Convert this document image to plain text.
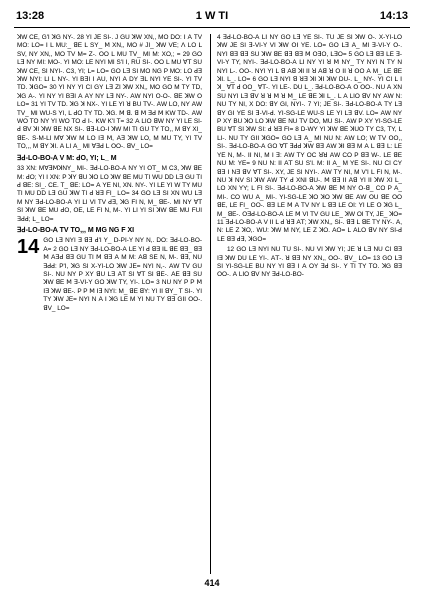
13:28	1 W TI	14:13

ꓘW CE, G'I ꓘG NY-. 28 YI JE SI-. J GU ꓘW XN,, MO DO: ꓲ ꓮ TV MO: LO= ꓲ ꓡ MU:_ ꓭE ꓡ SY_ ꓟ XN,, MO # JI_ ꓘW VE; ꓥ LO ꓡ SV, NY XN,, MO TV M= Z-. ꓳO ꓡ MU TV_ MI M: XO,; = 29 GO ꓡꓱ NY MI: MO-. YI MO: ꓡE NYI MI S'I ꓲ, RU SI-. ꓳO ꓡ MU ꓯꓔ SU ꓘW CE, SI NYI-. C3, YI; ꓡ= LO= GO ꓡꓱ SI MO NG P MO: LO ꓒꓱ ꓘW NYI: ꓡI ꓡ NY-. YI BꓱI ꓲ ꓮU, NYI ꓮ DY ꓱꓡ NYI YE SI-. YI TV TD. ꓘGO= 30 YI NY YI CI GY ꓡꓱ ZI ꓘW XN,, MO GO M TY TD, ꓘG ꓮ-. YI NY YI BꓱI ꓮ ꓮY NY ꓡꓱ NY-. ꓮW NYI ꓳ-O-. ꓭE ꓘW ꓳ LO= 31 YI TV TD. ꓘG ꓘ NX-. YI ꓡE YI ꓤ BU TV-. ꓮW LO, NY ꓮW TV_ MI WU-S YI, ꓡ ꓒO TY TD. ꓘG. ꓟ ꓭ. ꓭ ꓟ ꓱꓒ ꓟ KW TD-. ꓮW WO TO NY YI WO TO ꓒ ꓲ-. KW K'I T= 32 ꓮ LIO ꓭW NY YI LE SI-ꓒ ꓭV ꓘI ꓘW ꓭE NX SI-. ꓭꓱ-ꓡO-ꓲ ꓘW MI TI GU TY TO,, M ꓭY XI_ ꓭE-. S-M-ꓡI Mꓯ ꓘW M LO ꓲꓱ ꓟ, ꓮꓱ ꓘW LO, M MU TY, YI TV TO,,, M ꓭY ꓘI. ꓮ LI ꓮ_ MI ꓯꓱꓒ ꓡ ꓳO-. ꓭV_ LO=

ꓱꓒ-LO-BO-ꓮ V M: ꓒO, YI; L_ M

33 XN: MꓯꓱꓟꓘNY_ MI-. ꓱꓒ-LO-BO-ꓮ NY YI ꓳꓔ_ M C3, ꓘW ꓭE M: ꓒO; YI ꓲ XN: P ꓘY ꓭU ꓘO LO ꓘW ꓭE MU TI WU DD ꓡꓱ GU TI ꓒ ꓭE: SI_. CE. T_ ꓭE: LO= ꓮ YE NI, XN. NY-. YI ꓡE YI W TY MU TI MU DD ꓡꓱ GU ꓘW TI ꓒ ꓤꓱ FI_ LO= 34 GO ꓡꓱ SI XN WU ꓡꓱ M NY ꓱꓒ-LO-BO-ꓮ YI ꓡI VI TV ꓒꓱ, ꓘG FI N, M_ ꓭE-. MI NY ꓯꓔ SI ꓘW ꓭE MU ꓒO, ꓳE, ꓡE FI N, M-. YI ꓡI YI SI ꓘW ꓭE MU FUI ꓱꓒꓒ; ꓡ_ LO=

ꓱꓒ-LO-BO-ꓮ TV TO,,, M MG NG F XI
14 GO ꓡꓱ NYI ꓱ ꓭꓱ ꓒ'I Y_ ꓓ-PI-Y NY N,. DO: ꓱꓒ-LO-BO-ꓮ= 2 GO ꓡꓱ NY ꓱꓒ-LO-BO-ꓮ ꓡE YI ꓒ ꓭꓱ ꓲꓡ ꓭE ꓭꓱ_ ꓭꓱ ꓟ ꓮꓱꓒ ꓭꓱ GU TI ꓟ ꓭꓱ ꓮ M M: ꓮꓭ SE N, M-. ꓭꓱ, NU ꓱꓒꓒ: P'I, ꓘG SI X-YI-LO ꓘW JE= NYI N,-. ꓮW TV GU SI-. NU NY P XY ꓭU ꓡꓱ ꓮꓔ SI ꓯꓔ SI ꓭE-. ꓮE ꓭꓱ SU ꓘW ꓭE ꓟ ꓱ-VI-Y GO ꓘW TY, YI-. LO= 3 NU NY P P ꓟ ꓲꓱ ꓘW ꓭE-. P P ꓟ ꓲꓱ NYI: M_ ꓭE ꓭY: YI ꓲꓲ ꓭY_ T SI-. YI TY ꓘW JE= NYI N ꓮ ꓲ ꓘG ꓡE M YI NU TY ꓭꓱ GꓲI ꓳO-. ꓭV_ LO=

4 ꓱꓒ-LO-BO-ꓮ ꓡꓲ NY GO ꓡꓱ YE SI-. TU JE SI ꓘW ꓳ-. X-YI-LO ꓘW JE SI ꓱ-VI-Y VI ꓘW ꓳꓲ YE. LO= GO ꓡꓱ ꓮ_ MI ꓱ-VI-Y ꓳ-. NYI ꓭꓱ ꓭꓱ SU ꓘW ꓭE ꓭꓱ ꓭꓱ ꓟ ꓳꓱO, ꓡꓱO= 5 GO ꓡꓱ ꓭꓱ ꓡE ꓱ-VI-Y TY, NYI-. ꓱꓒ-LO-BO-ꓮ ꓡꓲ NY YI ꓤ ꓟ NY_ TY NYI N TY N NYI ꓡ-. ꓳO-. NYI YI ꓡ ꓭ ꓮꓭ ꓘꓲ ꓲꓲ ꓤ ꓮꓭ ꓤ ꓳ ꓲꓲ ꓤ ꓳO ꓮ M_ ꓡE ꓭE ꓘꓲ. ꓡ_. LO= 6 GO ꓡꓱ NYI ꓭ ꓤꓱ ꓘꓲ ꓘꓲ ꓘW DU-. ꓡ_ NY-. YI CI ꓡ ꓲ ꓘ_ ꓯꓔ ꓒ ꓳO_ ꓯꓔ-. YI ꓡE-. DU ꓡ_. ꓱꓒ-LO-BO-ꓮ ꓳ ꓳO-. NU ꓮ XN SU NYI ꓡꓱ ꓭV ꓤ ꓤ ꓟ ꓤ ꓟ_ ꓡE ꓭE ꓘꓲ ꓡ_. ꓡ ꓮ LIO ꓭV NY ꓮW N: NU TY NI, X DO: ꓭY Gꓲ, NYI-. 7 YI; JE SI-. ꓱꓒ-LO-BO-ꓮ TY ꓡꓱ ꓭY Gꓲ YE SI ꓱ-VI-ꓒ. YI-SG-ꓡE WU-S ꓡE YI ꓡꓱ ꓭV. LO= ꓮW NY P XY BU ꓘO LO ꓘW ꓭE NU TV DO, MU SI-. ꓮW P XY YI-SG-ꓡE BU ꓯꓔ SI ꓘW SI: ꓒ ꓤꓱ FI= 8 D-WY YI ꓘW ꓭE ꓘUO TY C3, TY, ꓡ ꓡI-. NU TY GꓲI ꓘGO= GO ꓡꓱ ꓮ_ MI NU N: ꓮW ꓡꓳ; W TV ꓳO,, SI-. ꓱꓒ-LO-BO-ꓮ GO ꓯꓔ ꓱꓒꓒ ꓘW ꓭꓱ ꓮW ꓘꓲ ꓭꓱ M ꓮ ꓡ ꓭꓱ ꓡ: ꓡE YE N, M-. ꓲꓲ NI, M ꓲ ꓱ: ꓮW TY OC ꓤꓤ ꓮW CO P ꓭꓱ W-. ꓡE ꓭE NU M: YE= 9 NU N: ꓲꓲ ꓮꓔ SU S'I. M: ꓲꓲ ꓮ_ M YE SI-. NU CI CY ꓭꓱ ꓲ Nꓱ ꓭV ꓯꓔ SI-. XY, JE SI NYI-. ꓮW TY NI, M V'I ꓡ FI N, M-. NU ꓘ NV SI ꓘW ꓮW TY ꓒ XNꓲ ꓭU-. ꓟ ꓭꓱ ꓲꓲ ꓮꓭ YI ꓲꓲ ꓘW XI ꓡ_ LO XN YY; ꓡ FI SI-. ꓱꓒ-LO-BO-ꓮ ꓘW ꓭE ꓟ NY ꓳ-ꓭ_ CO P ꓮ_ MI-. CO WU ꓮ_ MI-. YI-SG-ꓡE ꓘO ꓘO ꓘW ꓭE ꓮW ꓳU ꓭE ꓳO ꓭE, ꓡE FI_ ꓳO-. ꓭꓱ ꓡE ꓟ ꓮ TV NY ꓡ ꓭꓱ ꓡE OI: YI ꓡE ꓳ ꓘG ꓡ_ M_ ꓭE-. ꓳꓱꓒ-LO-BO-ꓮ ꓡE ꓟ VI TV GU ꓡE_ ꓘW OI TY, JE_ ꓘO= 11 ꓱꓒ-LO-BO-ꓮ V ꓲꓲ ꓡ ꓒ ꓤꓱ ꓮꓔ; ꓘW XN,, SI-. ꓭꓱ ꓡ ꓭE TY NY-. ꓮ, N: ꓡE Z ꓘO,. WU: ꓘW M NY, ꓡE Z ꓘO. ꓮO= ꓡ ꓮꓡO ꓭV NY SI-ꓒ ꓡE ꓭꓱ ꓒꓱ, ꓘGO=

12 GO ꓡꓱ NYI NU TU SI-. NU VI ꓘW YI; JE ꓤ ꓡꓱ NU CI ꓭꓱ ꓲꓱ ꓘW DU ꓡE YI-. ꓮꓔ-. ꓤ ꓭꓱ NY XN,, ꓳO-. ꓭV_ LO= 13 GO ꓡꓱ SI YI-SG-ꓡE BU NY YI ꓭꓱ ꓲ ꓮ OY ꓱꓒ SI-. Y TI TY TO. ꓘG ꓭꓱ ꓳO-. ꓮ LIO ꓭV NY ꓱꓒ-LO-BO-

414
